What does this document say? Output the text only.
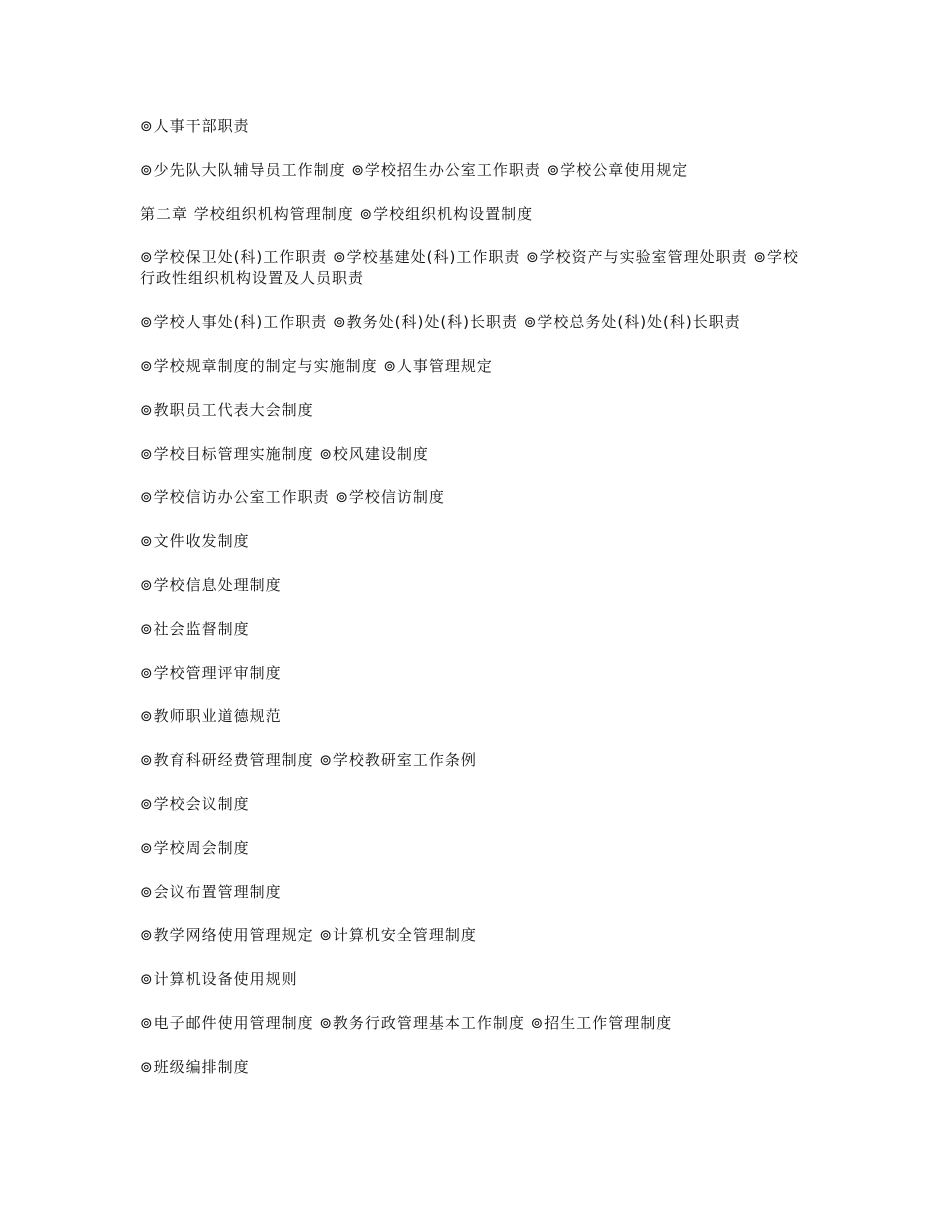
⊚人事干部职责
⊚少先队大队辅导员工作制度 ⊚学校招生办公室工作职责 ⊚学校公章使用规定
第二章 学校组织机构管理制度 ⊚学校组织机构设置制度
⊚学校保卫处(科)工作职责 ⊚学校基建处(科)工作职责 ⊚学校资产与实验室管理处职责 ⊚学校
行政性组织机构设置及人员职责
⊚学校人事处(科)工作职责 ⊚教务处(科)处(科)长职责 ⊚学校总务处(科)处(科)长职责
⊚学校规章制度的制定与实施制度 ⊚人事管理规定
⊚教职员工代表大会制度
⊚学校目标管理实施制度 ⊚校风建设制度
⊚学校信访办公室工作职责 ⊚学校信访制度
⊚文件收发制度
⊚学校信息处理制度
⊚社会监督制度
⊚学校管理评审制度
⊚教师职业道德规范
⊚教育科研经费管理制度 ⊚学校教研室工作条例
⊚学校会议制度
⊚学校周会制度
⊚会议布置管理制度
⊚教学网络使用管理规定 ⊚计算机安全管理制度
⊚计算机设备使用规则
⊚电子邮件使用管理制度 ⊚教务行政管理基本工作制度 ⊚招生工作管理制度
⊚班级编排制度
